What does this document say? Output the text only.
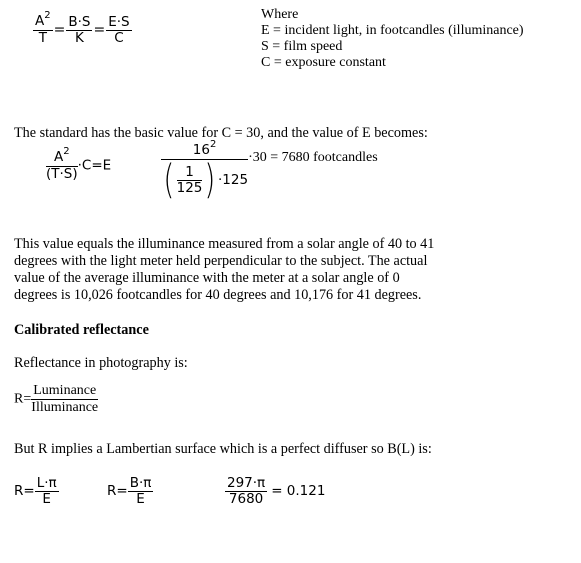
$\frac{A^2}{T} = \frac{B\cdot S}{K} = \frac{E\cdot S}{C}$	Where
E = incident light, in footcandles (illuminance)
S = film speed
C = exposure constant
The standard has the basic value for C = 30, and the value of E becomes:
$\frac{A^2}{(T\cdot S)} \cdot C=E$
$16^2$
( $\frac{1}{125}$ ) ·125
·30 = 7680 footcandles
This value equals the illuminance measured from a solar angle of 40 to 41
degrees with the light meter held perpendicular to the subject. The actual
value of the average illuminance with the meter at a solar angle of 0
degrees is 10,026 footcandles for 40 degrees and 10,176 for 41 degrees.
Calibrated reflectance
Reflectance in photography is:
$R= \frac{\text{Luminance}}{\text{Illuminance}}$
But R implies a Lambertian surface which is a perfect diffuser so B(L) is:
$R= \frac{L\cdot\pi}{E}$	$R= \frac{B\cdot\pi}{E}$	$\frac{297\cdot\pi}{7680} = 0.121$
